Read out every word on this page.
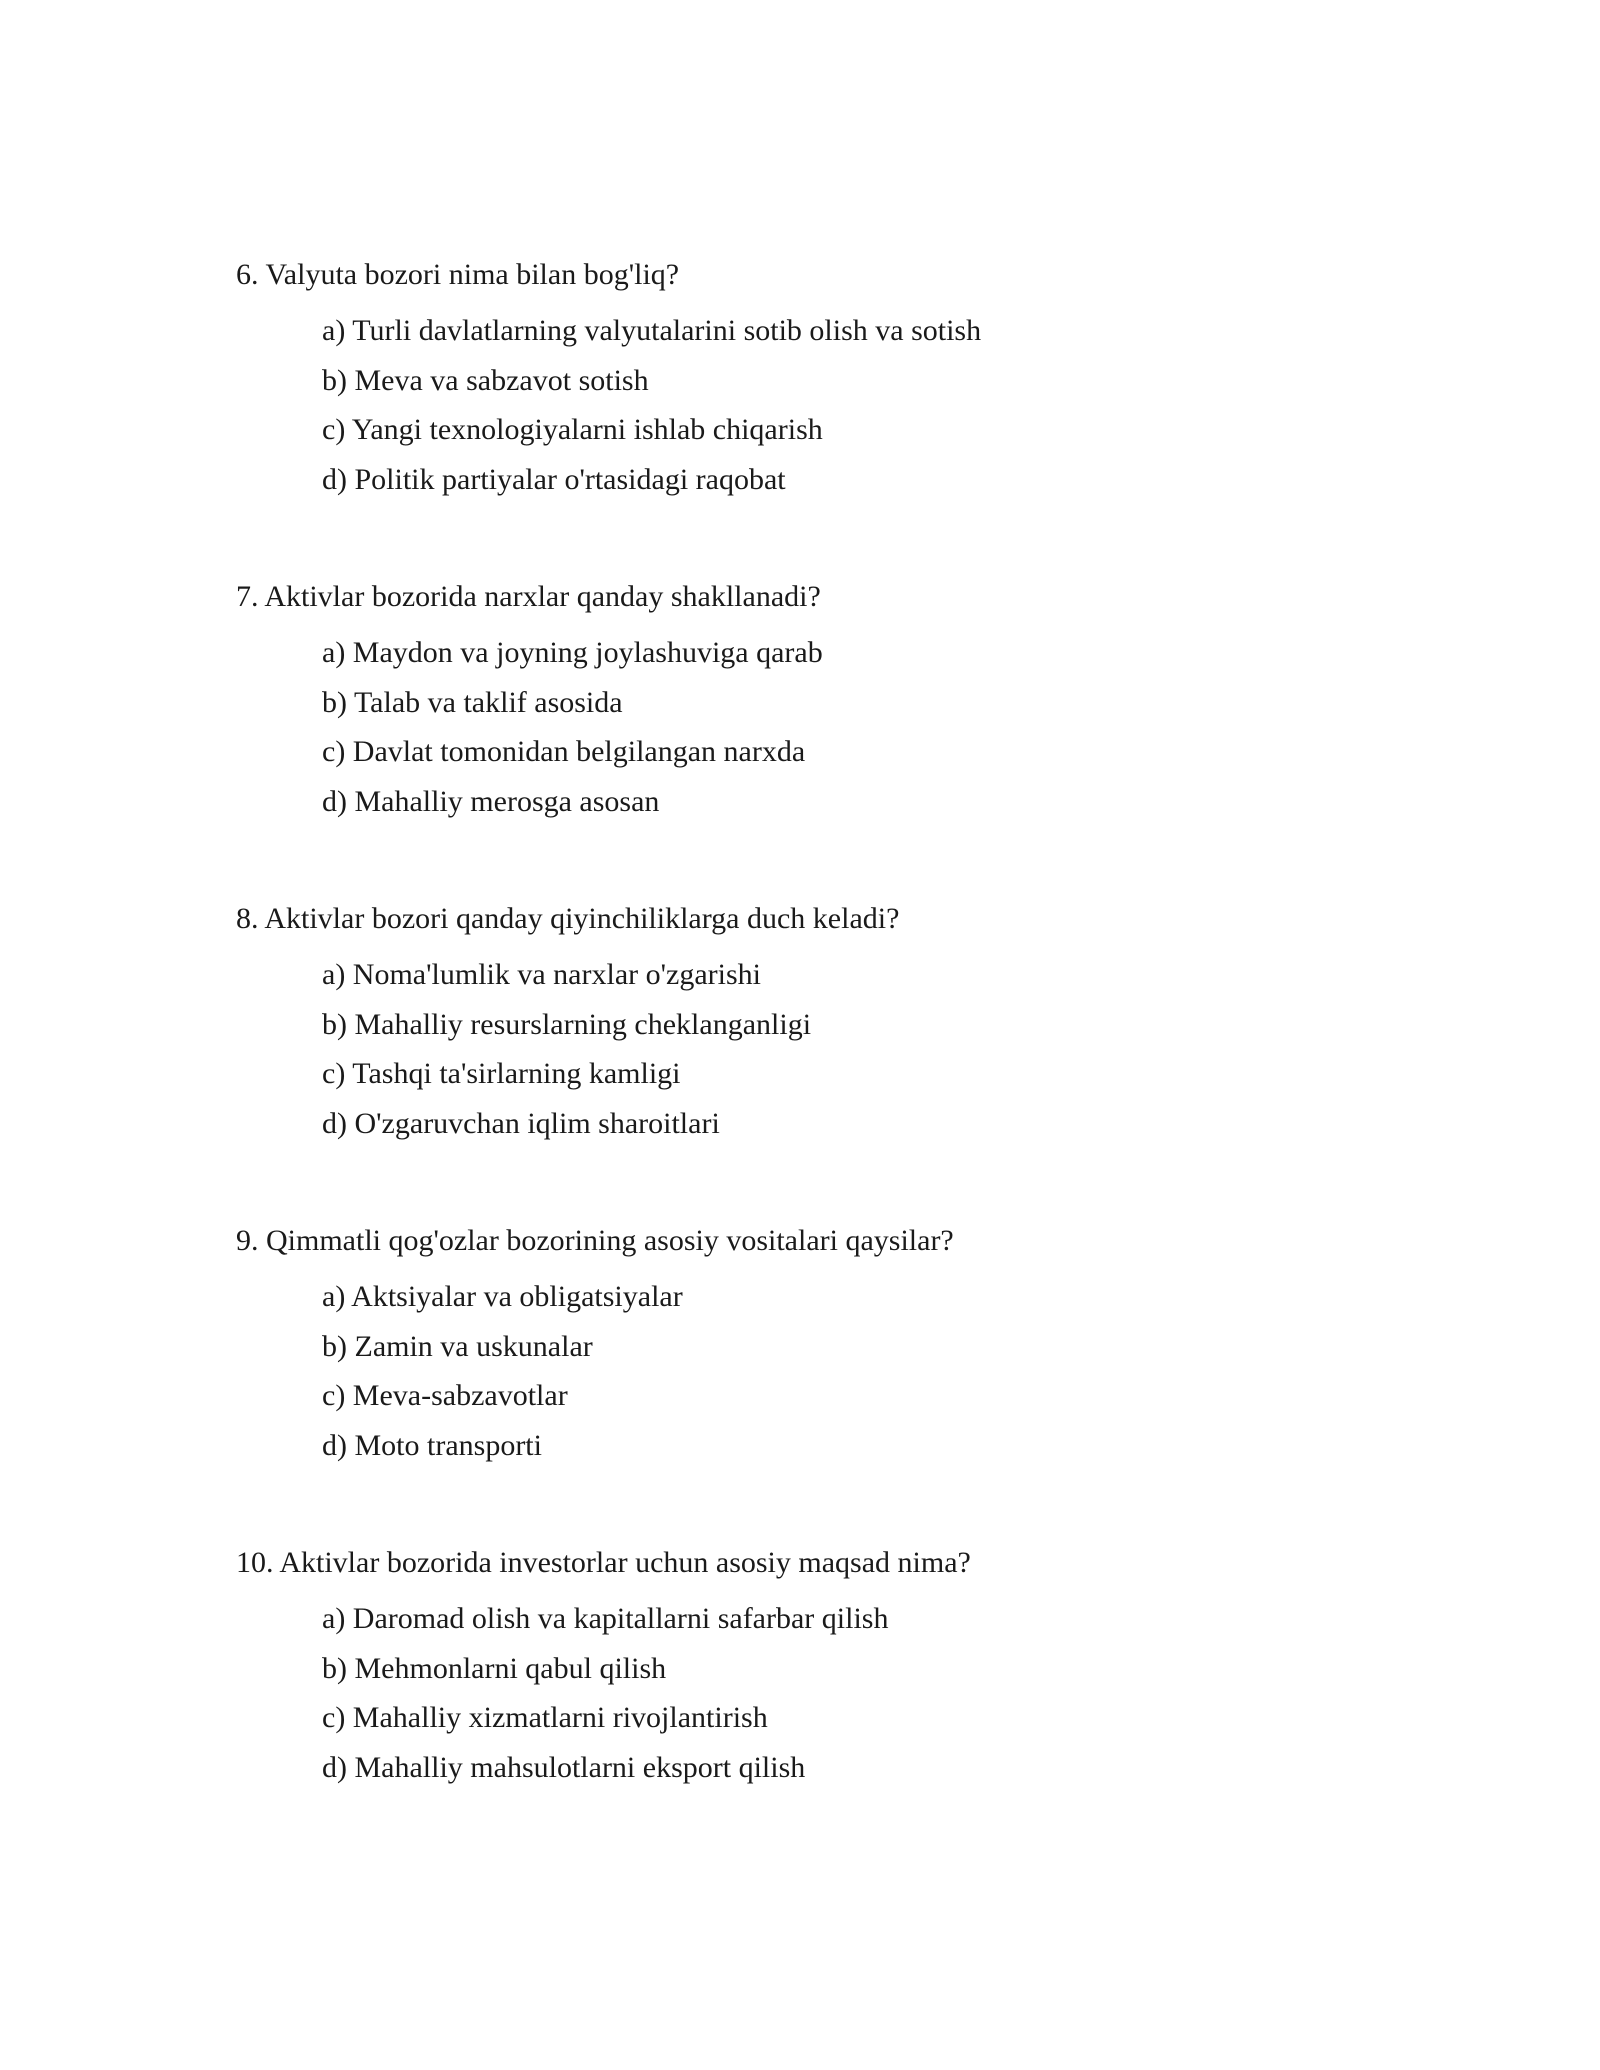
6. Valyuta bozori nima bilan bog'liq?

a) Turli davlatlarning valyutalarini sotib olish va sotish
b) Meva va sabzavot sotish
c) Yangi texnologiyalarni ishlab chiqarish
d) Politik partiyalar o'rtasidagi raqobat

7. Aktivlar bozorida narxlar qanday shakllanadi?

a) Maydon va joyning joylashuviga qarab
b) Talab va taklif asosida
c) Davlat tomonidan belgilangan narxda
d) Mahalliy merosga asosan

8. Aktivlar bozori qanday qiyinchiliklarga duch keladi?

a) Noma'lumlik va narxlar o'zgarishi
b) Mahalliy resurslarning cheklanganligi
c) Tashqi ta'sirlarning kamligi
d) O'zgaruvchan iqlim sharoitlari

9. Qimmatli qog'ozlar bozorining asosiy vositalari qaysilar?

a) Aktsiyalar va obligatsiyalar
b) Zamin va uskunalar
c) Meva-sabzavotlar
d) Moto transporti

10. Aktivlar bozorida investorlar uchun asosiy maqsad nima?

a) Daromad olish va kapitallarni safarbar qilish
b) Mehmonlarni qabul qilish
c) Mahalliy xizmatlarni rivojlantirish
d) Mahalliy mahsulotlarni eksport qilish
